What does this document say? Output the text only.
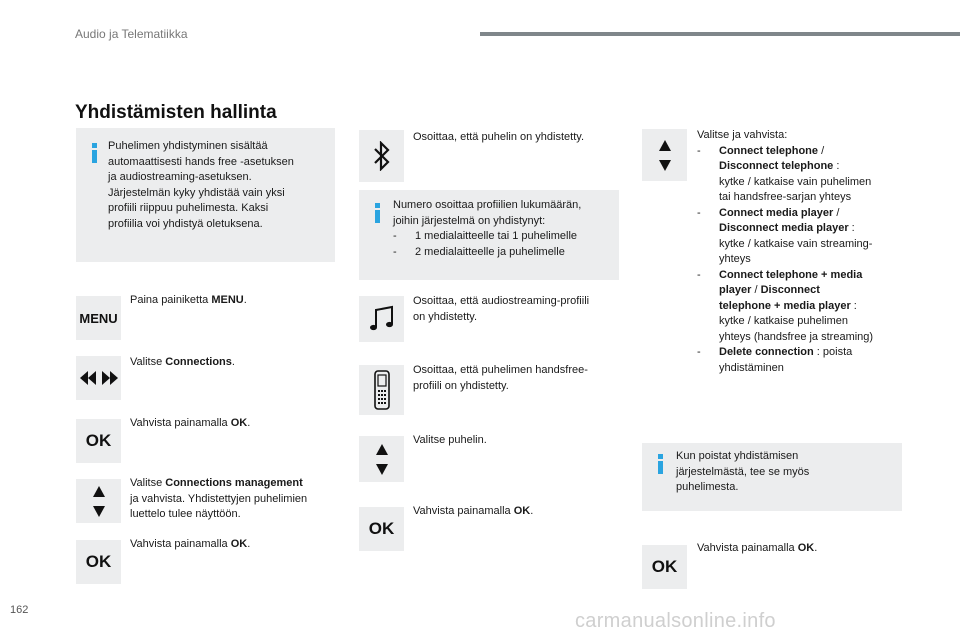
Audio ja Telematiikka
Yhdistämisten hallinta
Puhelimen yhdistyminen sisältää
automaattisesti hands free -asetuksen
ja audiostreaming-asetuksen.
Järjestelmän kyky yhdistää vain yksi
profiili riippuu puhelimesta. Kaksi
profiilia voi yhdistyä oletuksena.
MENU
Paina painiketta MENU.
Valitse Connections.
OK
Vahvista painamalla OK.
Valitse Connections management
ja vahvista. Yhdistettyjen puhelimien
luettelo tulee näyttöön.
OK
Vahvista painamalla OK.
Osoittaa, että puhelin on yhdistetty.
Numero osoittaa profiilien lukumäärän,
joihin järjestelmä on yhdistynyt:
-	1 medialaitteelle tai 1 puhelimelle
-	2 medialaitteelle ja puhelimelle
Osoittaa, että audiostreaming-profiili
on yhdistetty.
Osoittaa, että puhelimen handsfree-
profiili on yhdistetty.
Valitse puhelin.
OK
Vahvista painamalla OK.
Valitse ja vahvista:
-	Connect telephone /
Disconnect telephone :
kytke / katkaise vain puhelimen
tai handsfree-sarjan yhteys
-	Connect media player /
Disconnect media player :
kytke / katkaise vain streaming-
yhteys
-	Connect telephone + media
player / Disconnect
telephone + media player :
kytke / katkaise puhelimen
yhteys (handsfree ja streaming)
-	Delete connection : poista
yhdistäminen
Kun poistat yhdistämisen
järjestelmästä, tee se myös
puhelimesta.
OK
Vahvista painamalla OK.
162	carmanualsonline.info
